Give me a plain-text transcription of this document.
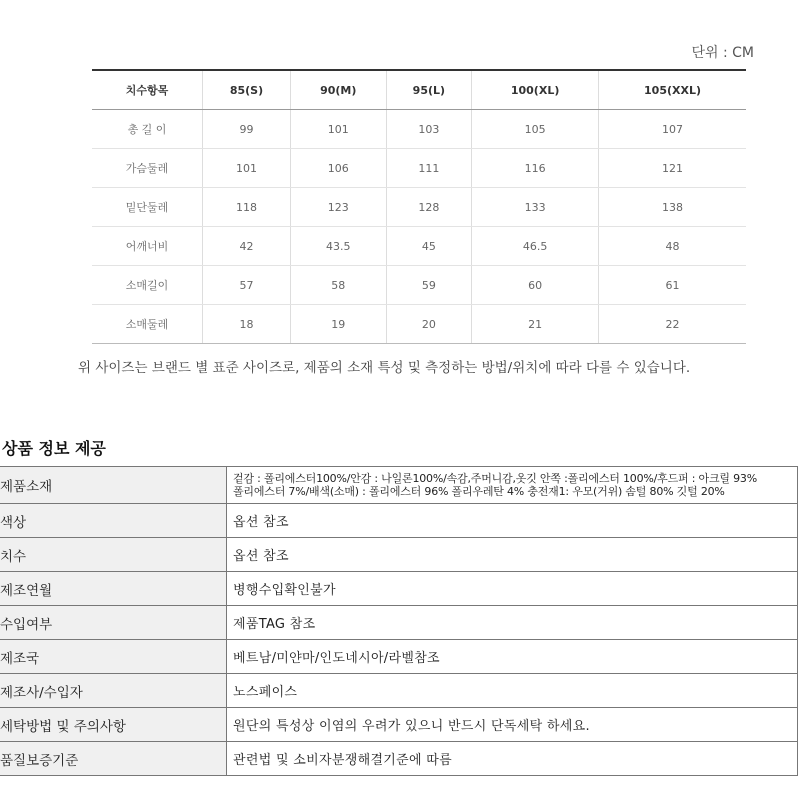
단위 : CM
치수항목	85(S)	90(M)	95(L)	100(XL)	105(XXL)
총 길 이	99	101	103	105	107
가슴둘레	101	106	111	116	121
밑단둘레	118	123	128	133	138
어깨너비	42	43.5	45	46.5	48
소매길이	57	58	59	60	61
소매둘레	18	19	20	21	22
위 사이즈는 브랜드 별 표준 사이즈로, 제품의 소재 특성 및 측정하는 방법/위치에 따라 다를 수 있습니다.
상품 정보 제공
제품소재	겉감 : 폴리에스터100%/안감 : 나일론100%/속감,주머니감,옷깃 안쪽 :폴리에스터 100%/후드퍼 : 아크릴 93%
폴리에스터 7%/배색(소매) : 폴리에스터 96% 폴리우레탄 4% 충전재1: 우모(거위) 솜털 80% 깃털 20%

색상	옵션 참조
치수	옵션 참조
제조연월	병행수입확인불가
수입여부	제품TAG 참조
제조국	베트남/미얀마/인도네시아/라벨참조
제조사/수입자	노스페이스
세탁방법 및 주의사항	원단의 특성상 이염의 우려가 있으니 반드시 단독세탁 하세요.
품질보증기준	관련법 및 소비자분쟁해결기준에 따름
